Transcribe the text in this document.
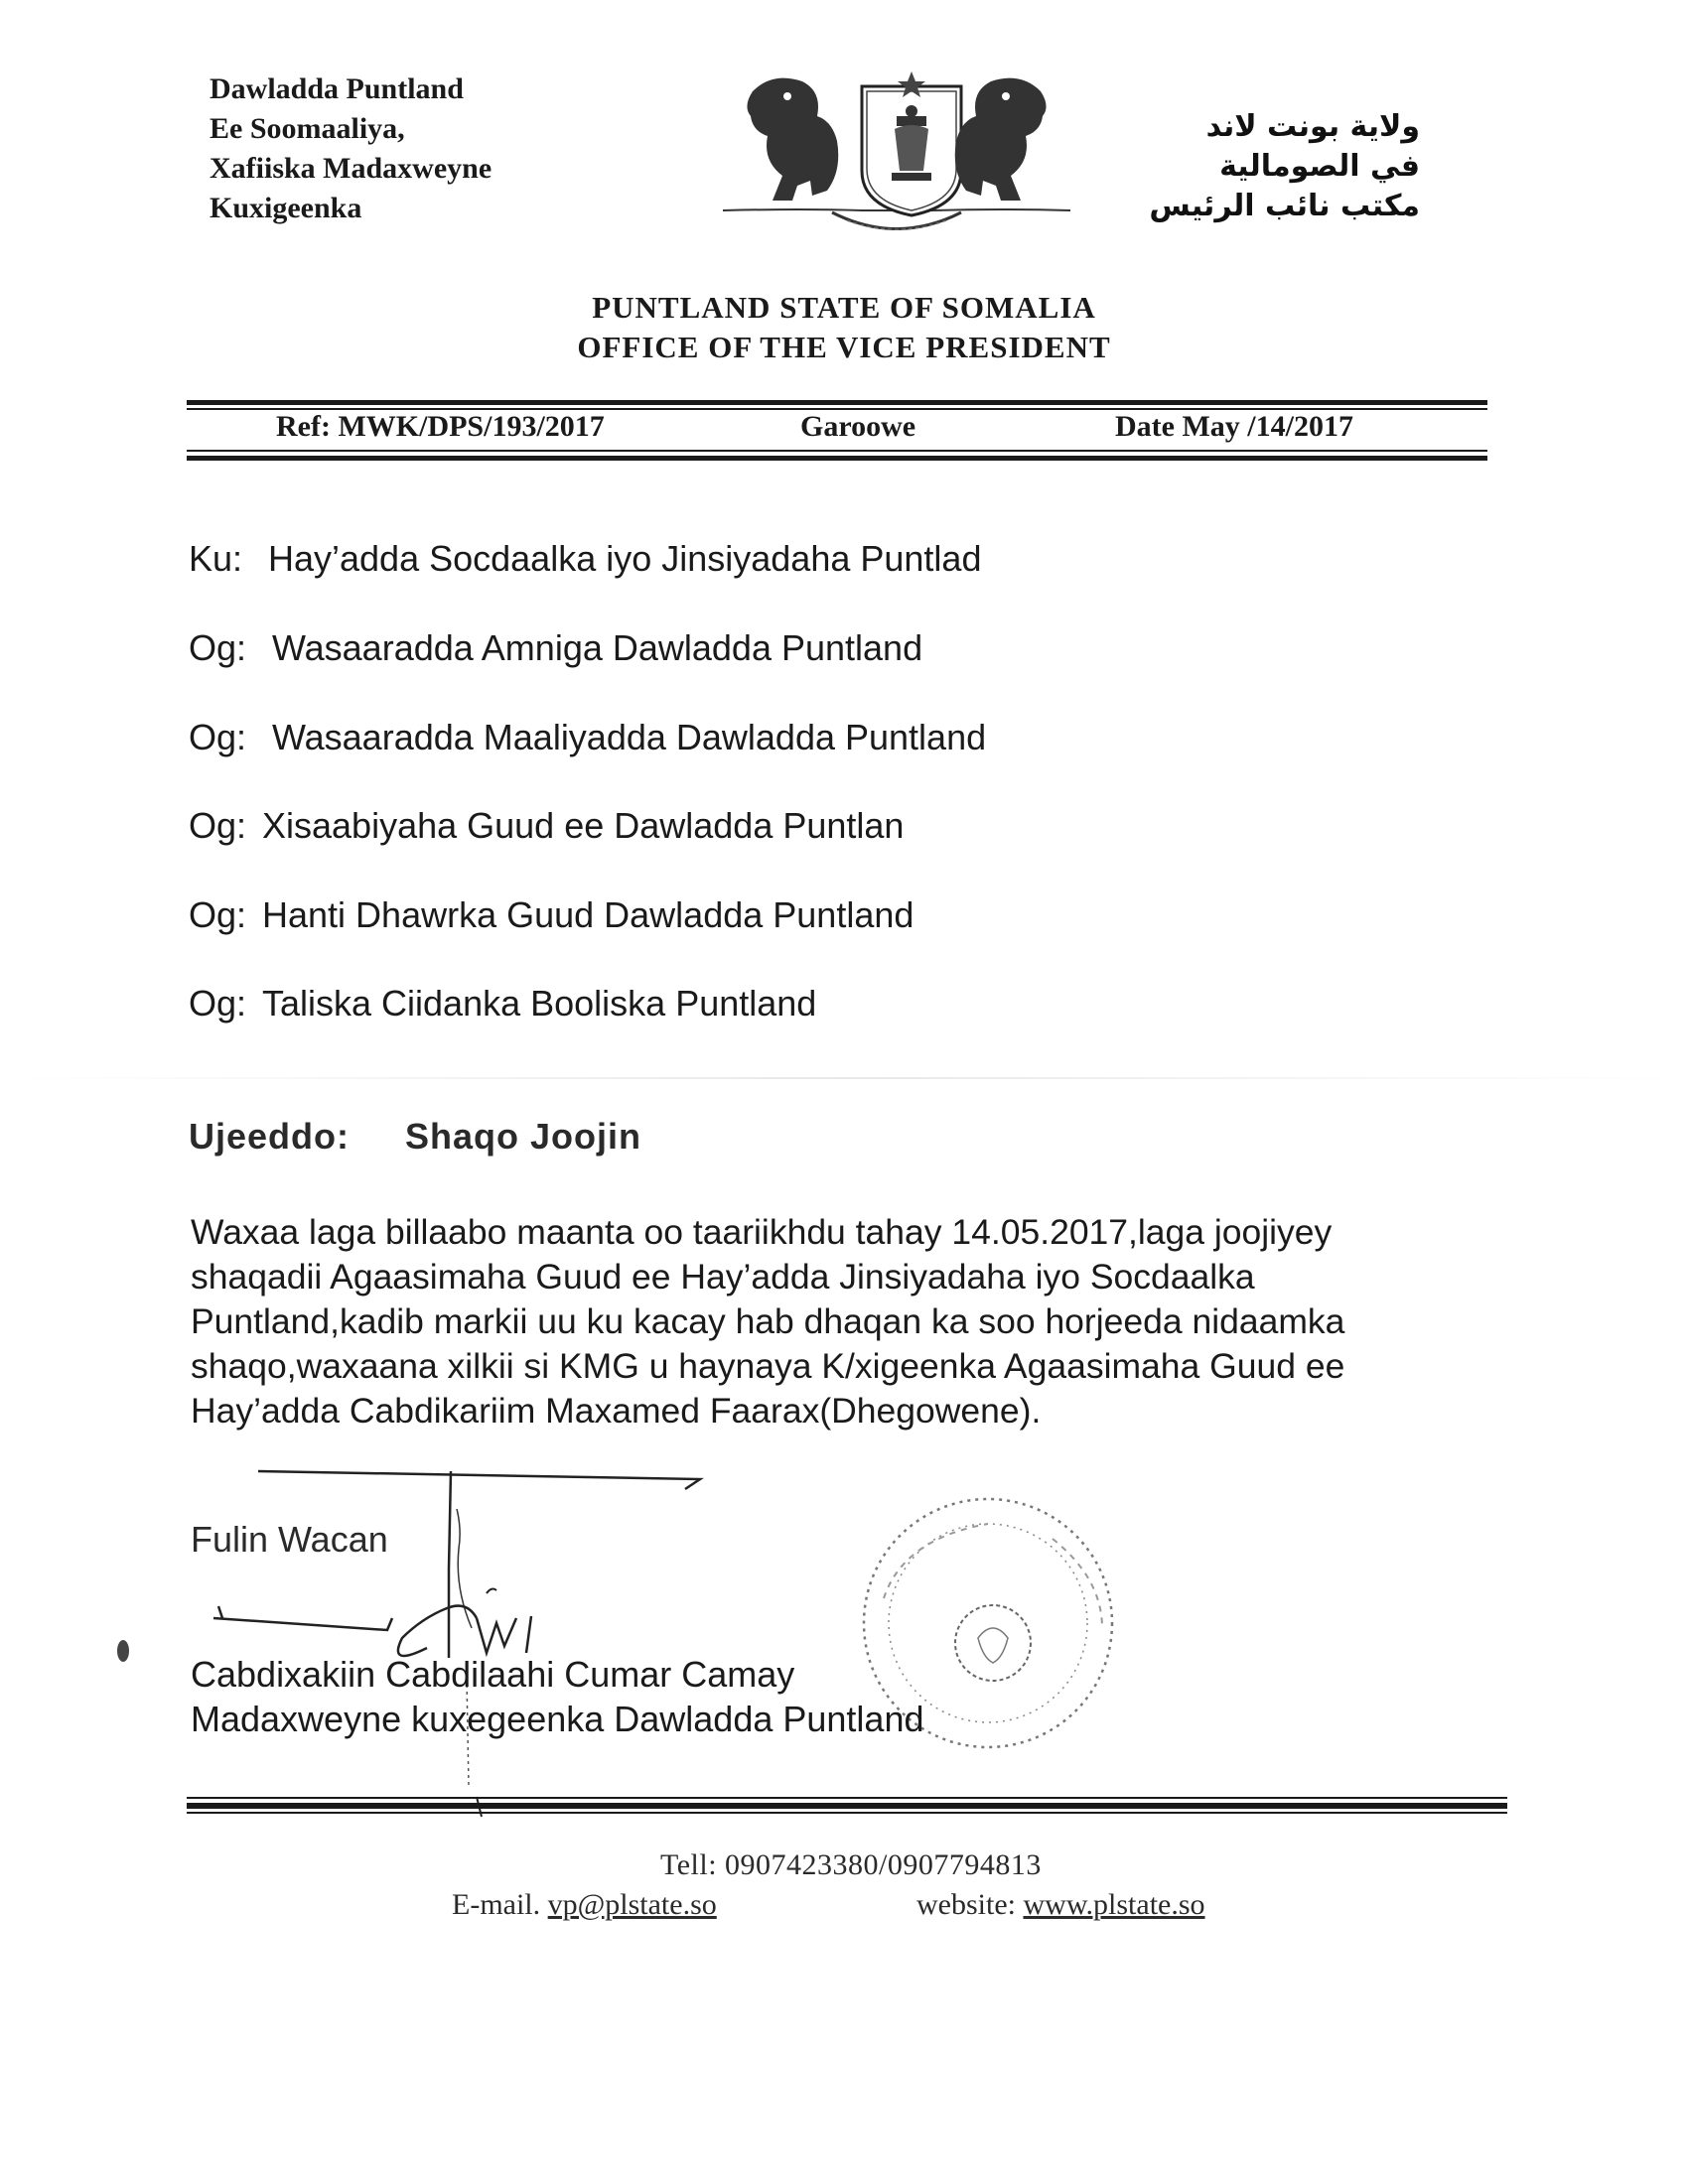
Dawladda Puntland
Ee Soomaaliya,
Xafiiska Madaxweyne
Kuxigeenka
ولاية بونت لاند
في الصومالية
مكتب نائب الرئيس
PUNTLAND STATE OF SOMALIA
OFFICE OF THE VICE PRESIDENT
Ref: MWK/DPS/193/2017	Garoowe	Date May /14/2017
Ku: Hay’adda Socdaalka iyo Jinsiyadaha Puntlad
Og: Wasaaradda Amniga Dawladda Puntland
Og: Wasaaradda Maaliyadda Dawladda Puntland
Og: Xisaabiyaha Guud ee Dawladda Puntlan
Og: Hanti Dhawrka Guud Dawladda Puntland
Og: Taliska Ciidanka Booliska Puntland
Ujeeddo: Shaqo Joojin

Waxaa laga billaabo maanta oo taariikhdu tahay 14.05.2017,laga joojiyey

shaqadii Agaasimaha Guud ee Hay’adda Jinsiyadaha iyo Socdaalka

Puntland,kadib markii uu ku kacay hab dhaqan ka soo horjeeda nidaamka

shaqo,waxaana xilkii si KMG u haynaya K/xigeenka Agaasimaha Guud ee

Hay’adda Cabdikariim Maxamed Faarax(Dhegowene).

Fulin Wacan
Cabdixakiin Cabdilaahi Cumar Camay
Madaxweyne kuxegeenka Dawladda Puntland
Tell: 0907423380/0907794813
E-mail. vp@plstate.so	website: www.plstate.so
